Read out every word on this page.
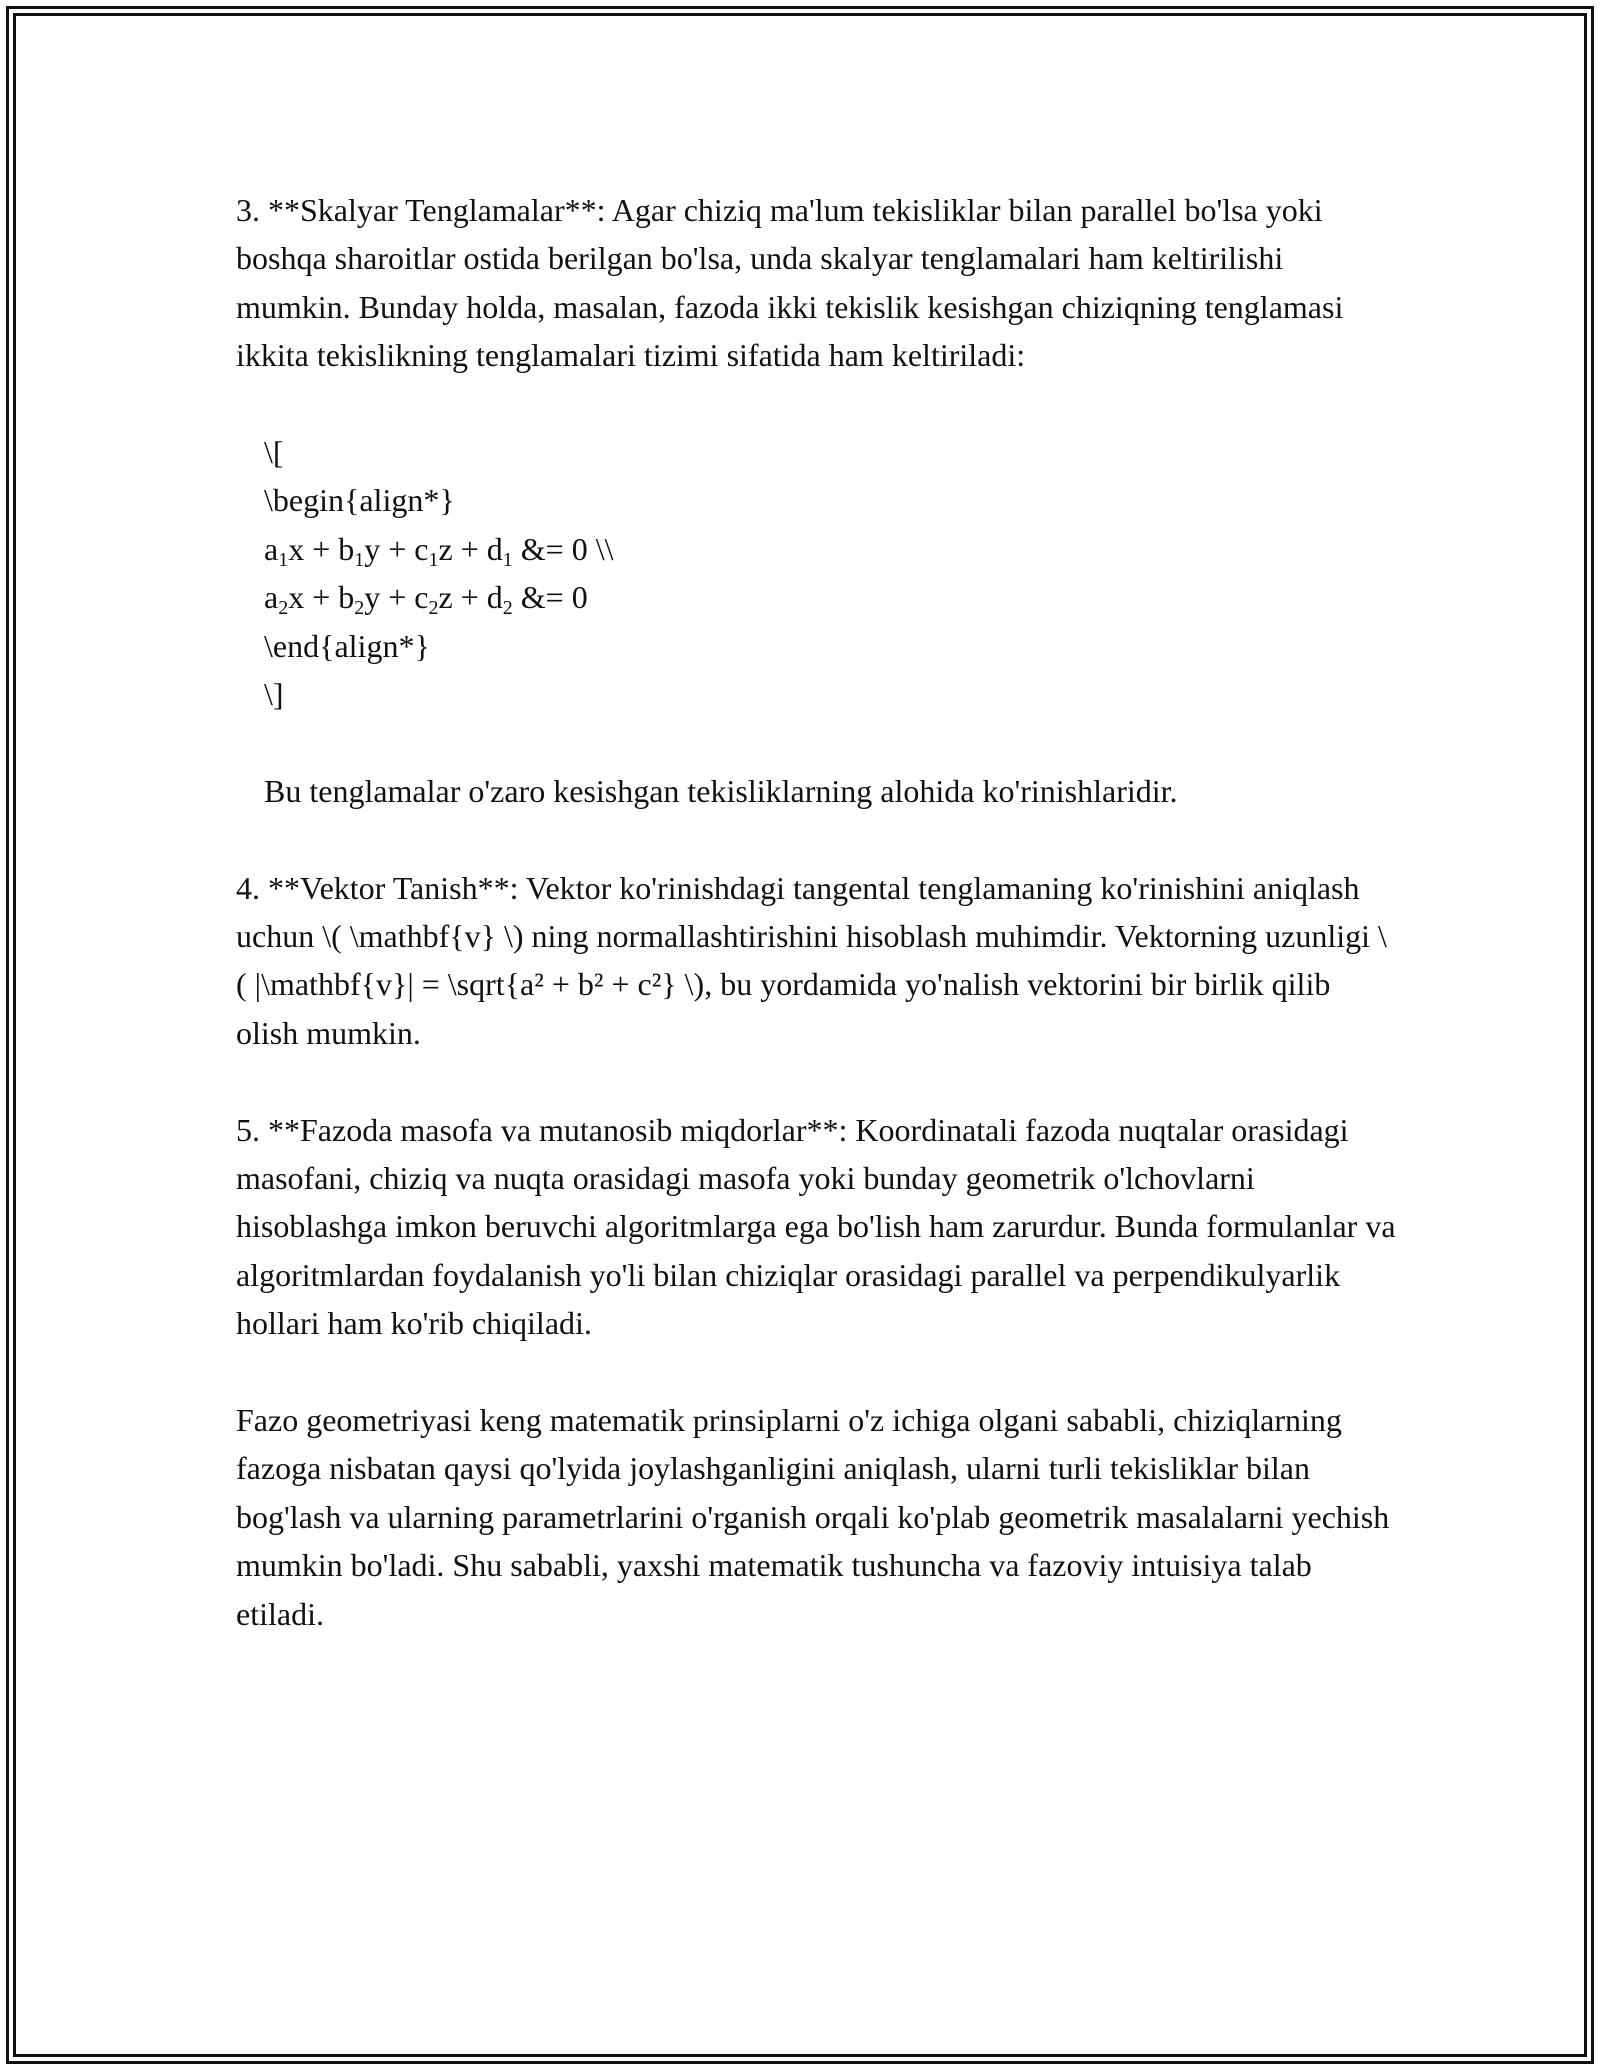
3. **Skalyar Tenglamalar**: Agar chiziq ma'lum tekisliklar bilan parallel bo'lsa yoki boshqa sharoitlar ostida berilgan bo'lsa, unda skalyar tenglamalari ham keltirilishi mumkin. Bunday holda, masalan, fazoda ikki tekislik kesishgan chiziqning tenglamasi ikkita tekislikning tenglamalari tizimi sifatida ham keltiriladi:

\[

\begin{align*}

$a_1x + b_1y + c_1z + d_1$ &= 0 \\

$a_2x + b_2y + c_2z + d_2$ &= 0

\end{align*}

\]

Bu tenglamalar o'zaro kesishgan tekisliklarning alohida ko'rinishlaridir.

4. **Vektor Tanish**: Vektor ko'rinishdagi tangental tenglamaning ko'rinishini aniqlash uchun \( \mathbf{v} \) ning normallashtirishini hisoblash muhimdir. Vektorning uzunligi \( |\mathbf{v}| = \sqrt{a² + b² + c²} \), bu yordamida yo'nalish vektorini bir birlik qilib olish mumkin.

5. **Fazoda masofa va mutanosib miqdorlar**: Koordinatali fazoda nuqtalar orasidagi masofani, chiziq va nuqta orasidagi masofa yoki bunday geometrik o'lchovlarni hisoblashga imkon beruvchi algoritmlarga ega bo'lish ham zarurdur. Bunda formulanlar va algoritmlardan foydalanish yo'li bilan chiziqlar orasidagi parallel va perpendikulyarlik hollari ham ko'rib chiqiladi.

Fazo geometriyasi keng matematik prinsiplarni o'z ichiga olgani sababli, chiziqlarning fazoga nisbatan qaysi qo'lyida joylashganligini aniqlash, ularni turli tekisliklar bilan bog'lash va ularning parametrlarini o'rganish orqali ko'plab geometrik masalalarni yechish mumkin bo'ladi. Shu sababli, yaxshi matematik tushuncha va fazoviy intuisiya talab etiladi.
